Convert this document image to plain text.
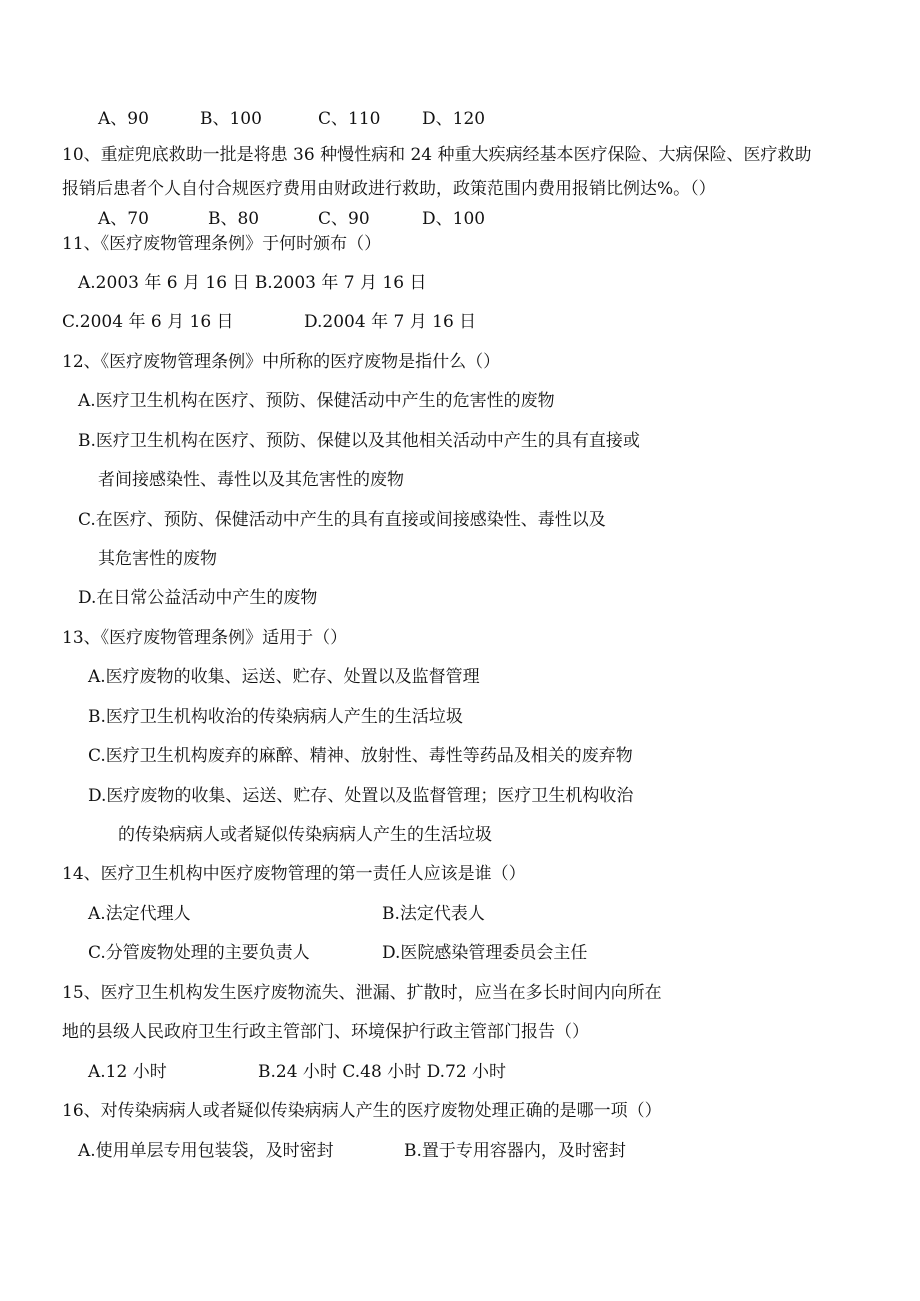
A、90	B、100	C、110 D、120
10、重症兜底救助一批是将患 36 种慢性病和 24 种重大疾病经基本医疗保险、大病保险、医疗救助
报销后患者个人自付合规医疗费用由财政进行救助，政策范围内费用报销比例达%。（）
A、70	B、80	C、90	D、100
11、《医疗废物管理条例》于何时颁布（）
A.2003 年 6 月 16 日 B.2003 年 7 月 16 日
C.2004 年 6 月 16 日	D.2004 年 7 月 16 日
12、《医疗废物管理条例》中所称的医疗废物是指什么（）
A.医疗卫生机构在医疗、预防、保健活动中产生的危害性的废物
B.医疗卫生机构在医疗、预防、保健以及其他相关活动中产生的具有直接或
者间接感染性、毒性以及其危害性的废物
C.在医疗、预防、保健活动中产生的具有直接或间接感染性、毒性以及
其危害性的废物
D.在日常公益活动中产生的废物
13、《医疗废物管理条例》适用于（）
A.医疗废物的收集、运送、贮存、处置以及监督管理
B.医疗卫生机构收治的传染病病人产生的生活垃圾
C.医疗卫生机构废弃的麻醉、精神、放射性、毒性等药品及相关的废弃物
D.医疗废物的收集、运送、贮存、处置以及监督管理；医疗卫生机构收治
的传染病病人或者疑似传染病病人产生的生活垃圾
14、医疗卫生机构中医疗废物管理的第一责任人应该是谁（）
A.法定代理人	B.法定代表人
C.分管废物处理的主要负责人	D.医院感染管理委员会主任
15、医疗卫生机构发生医疗废物流失、泄漏、扩散时，应当在多长时间内向所在
地的县级人民政府卫生行政主管部门、环境保护行政主管部门报告（）
A.12 小时	B.24 小时 C.48 小时 D.72 小时
16、对传染病病人或者疑似传染病病人产生的医疗废物处理正确的是哪一项（）
A.使用单层专用包装袋，及时密封	B.置于专用容器内，及时密封
